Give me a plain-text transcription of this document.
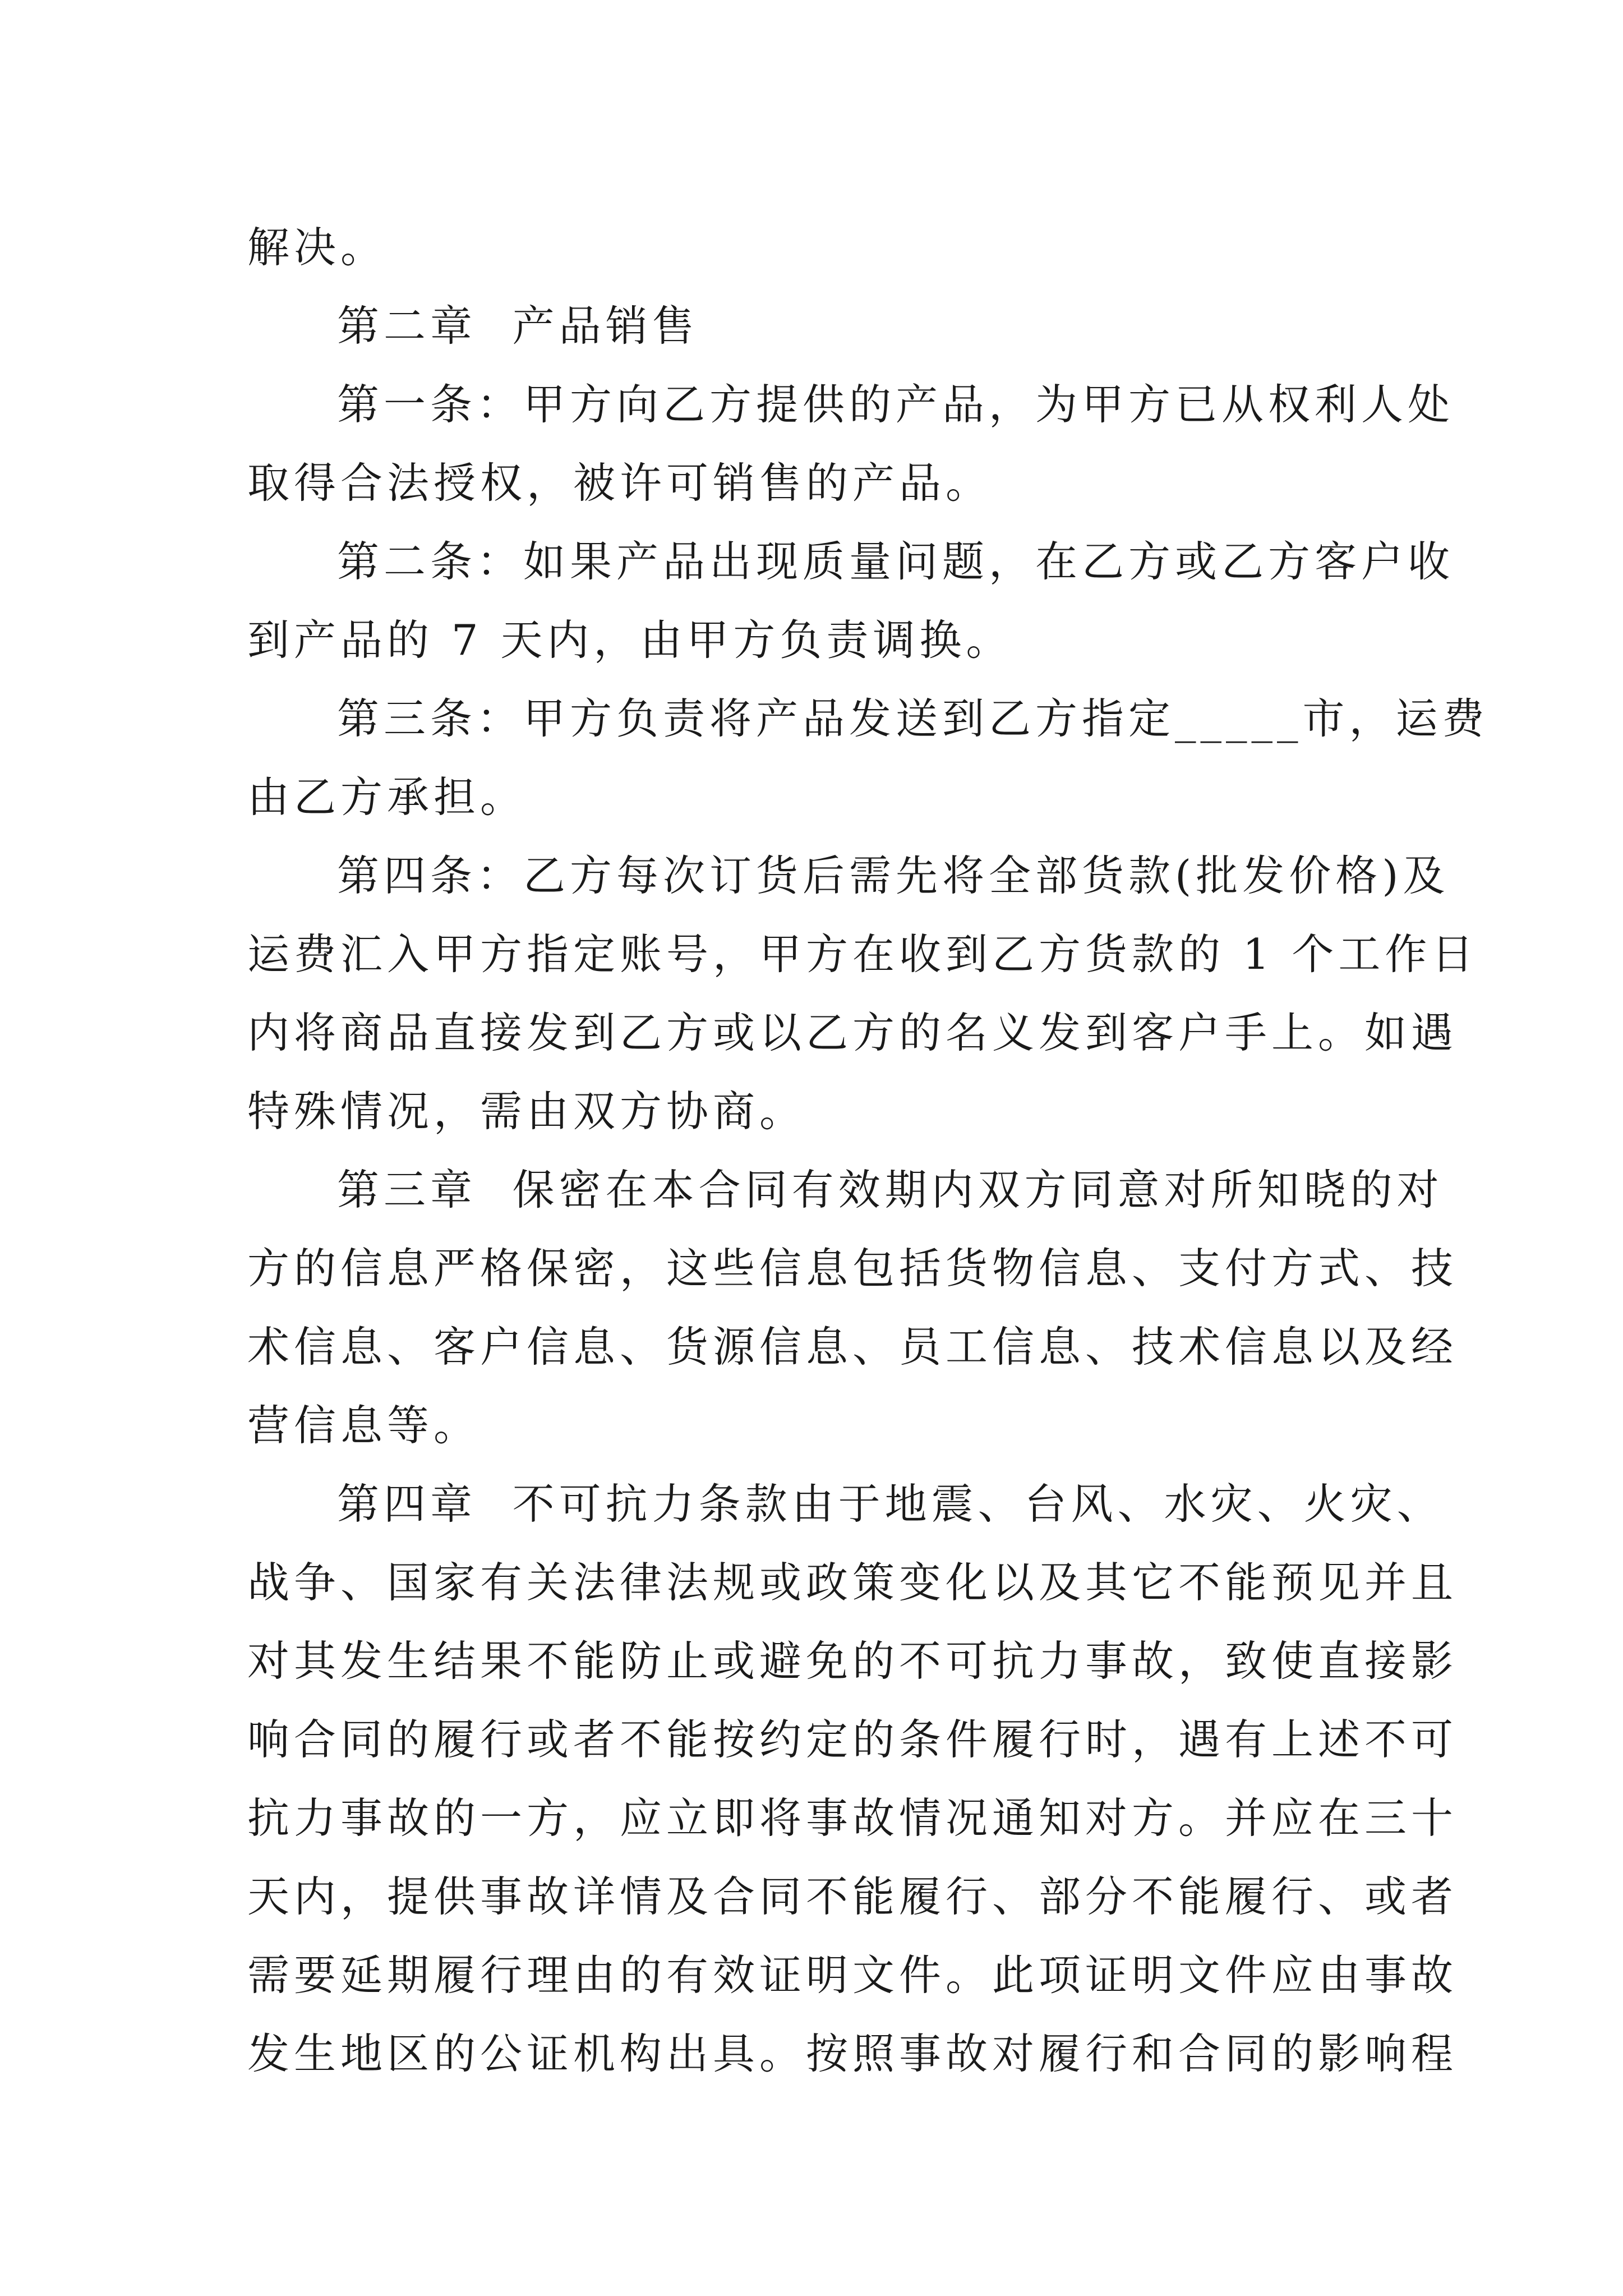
解决。
第二章  产品销售
第一条：甲方向乙方提供的产品，为甲方已从权利人处
取得合法授权，被许可销售的产品。
第二条：如果产品出现质量问题，在乙方或乙方客户收
到产品的 7 天内，由甲方负责调换。
第三条：甲方负责将产品发送到乙方指定_____市，运费
由乙方承担。
第四条：乙方每次订货后需先将全部货款(批发价格)及
运费汇入甲方指定账号，甲方在收到乙方货款的 1 个工作日
内将商品直接发到乙方或以乙方的名义发到客户手上。如遇
特殊情况，需由双方协商。
第三章  保密在本合同有效期内双方同意对所知晓的对
方的信息严格保密，这些信息包括货物信息、支付方式、技
术信息、客户信息、货源信息、员工信息、技术信息以及经
营信息等。
第四章  不可抗力条款由于地震、台风、水灾、火灾、
战争、国家有关法律法规或政策变化以及其它不能预见并且
对其发生结果不能防止或避免的不可抗力事故，致使直接影
响合同的履行或者不能按约定的条件履行时，遇有上述不可
抗力事故的一方，应立即将事故情况通知对方。并应在三十
天内，提供事故详情及合同不能履行、部分不能履行、或者
需要延期履行理由的有效证明文件。此项证明文件应由事故
发生地区的公证机构出具。按照事故对履行和合同的影响程
